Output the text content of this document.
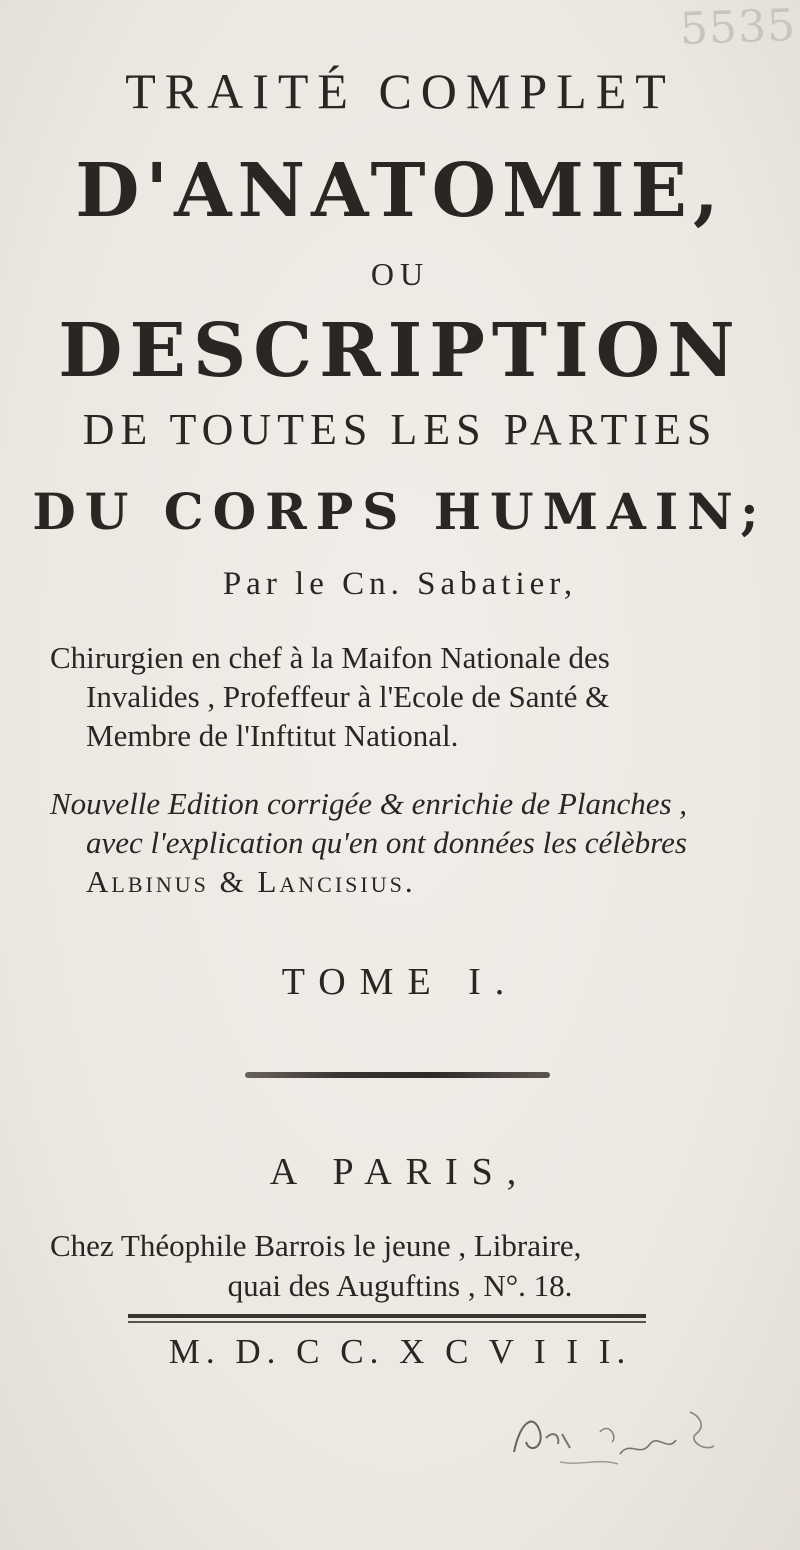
5535
TRAITÉ COMPLET
D'ANATOMIE,
OU
DESCRIPTION
DE TOUTES LES PARTIES
DU CORPS HUMAIN;
Par le Cn. Sabatier,
Chirurgien en chef à la Maifon Nationale des
Invalides , Profeffeur à l'Ecole de Santé &
Membre de l'Inftitut National.
Nouvelle Edition corrigée & enrichie de Planches ,
avec l'explication qu'en ont données les célèbres
Albinus & Lancisius.
TOME I.
A PARIS,
Chez Théophile Barrois le jeune , Libraire,
quai des Auguftins , N°. 18.
M. D. C C. X C V I I I.
